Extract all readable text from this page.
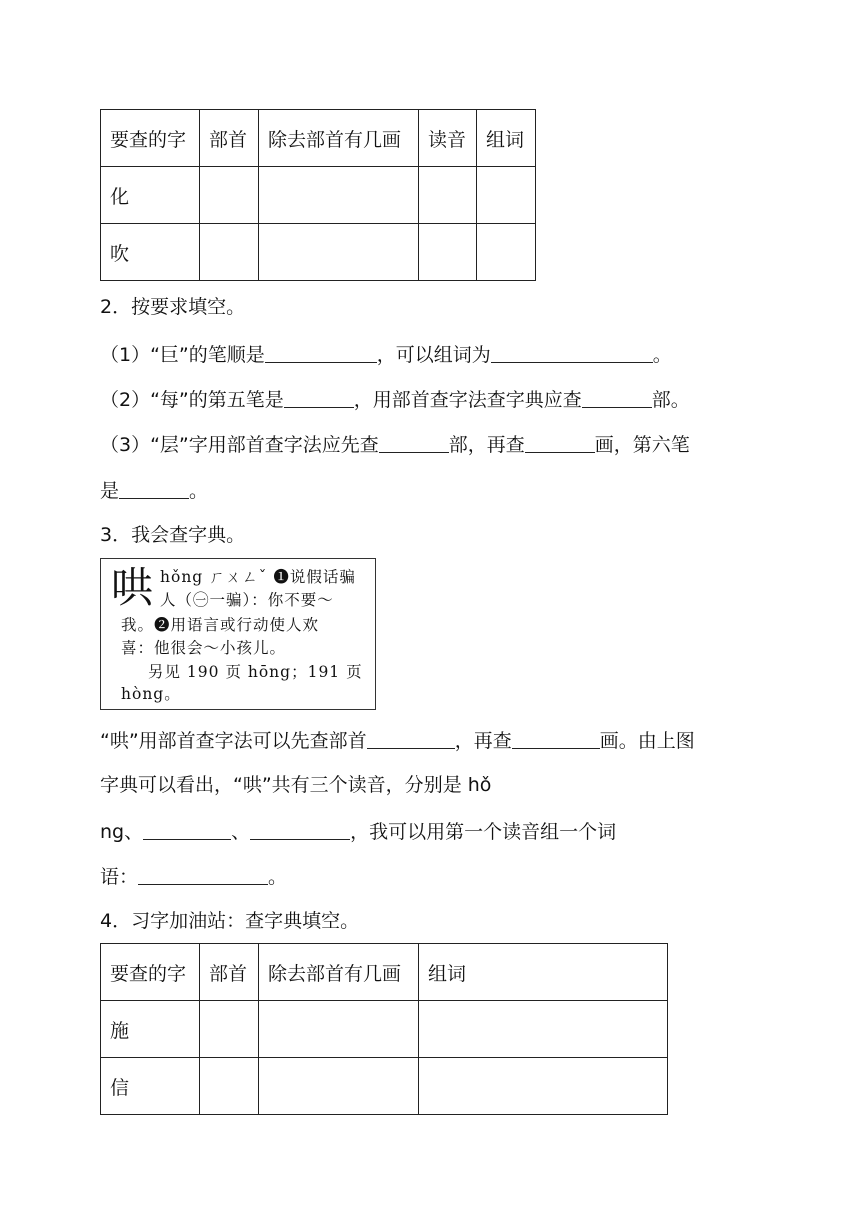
要查的字	部首	除去部首有几画	读音	组词
化				
吹				
2．按要求填空。
（1）“巨”的笔顺是	，可以组词为	。
（2）“每”的第五笔是	，用部首查字法查字典应查	部。
（3）“层”字用部首查字法应先查	部，再查	画，第六笔
是	。
3．我会查字典。
哄 hǒng ㄏㄨㄥˇ ❶说假话骗
人（㊀一骗）：你不要～
我。❷用语言或行动使人欢
喜：他很会～小孩儿。
另见 190 页 hōng；191 页
hòng。
“哄”用部首查字法可以先查部首	，再查	画。由上图
字典可以看出，“哄”共有三个读音，分别是 hǒ
ng、	、	，我可以用第一个读音组一个词
语：	。
4．习字加油站：查字典填空。
要查的字	部首	除去部首有几画	组词
施			
信			
